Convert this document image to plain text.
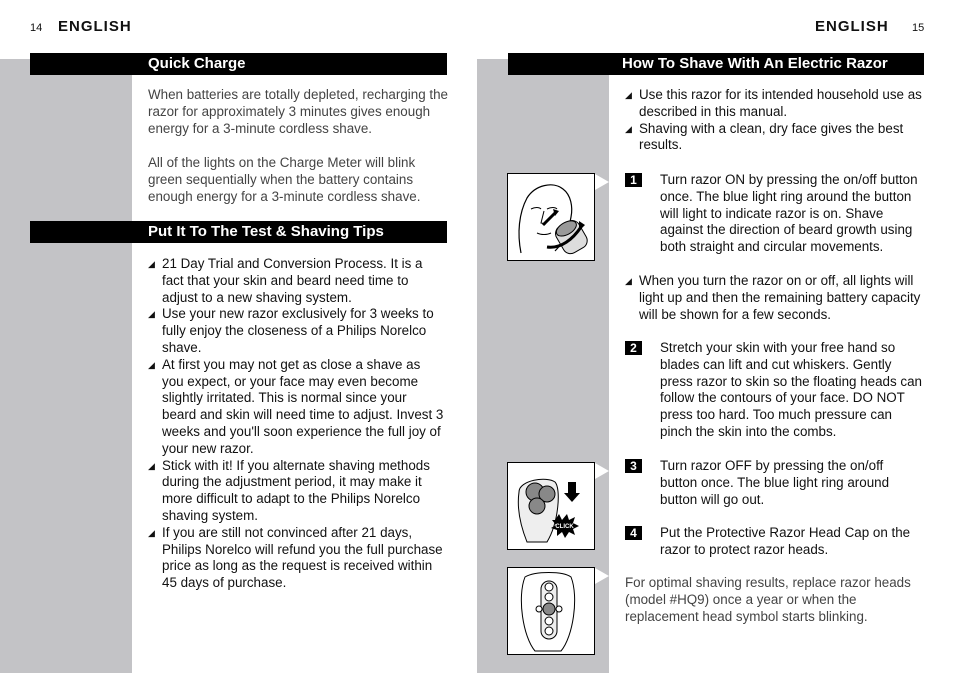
14 ENGLISH
Quick Charge
When batteries are totally depleted, recharging the razor for approximately 3 minutes gives enough energy for a 3-minute cordless shave.
All of the lights on the Charge Meter will blink green sequentially when the battery contains enough energy for a 3-minute cordless shave.
Put It To The Test & Shaving Tips
◢ 21 Day Trial and Conversion Process. It is a fact that your skin and beard need time to adjust to a new shaving system.
◢ Use your new razor exclusively for 3 weeks to fully enjoy the closeness of a Philips Norelco shave.
◢ At first you may not get as close a shave as you expect, or your face may even become slightly irritated. This is normal since your beard and skin will need time to adjust. Invest 3 weeks and you'll soon experience the full joy of your new razor.
◢ Stick with it! If you alternate shaving methods during the adjustment period, it may make it more difficult to adapt to the Philips Norelco shaving system.
◢ If you are still not convinced after 21 days, Philips Norelco will refund you the full purchase price as long as the request is received within 45 days of purchase.
ENGLISH 15
How To Shave With An Electric Razor
◢ Use this razor for its intended household use as described in this manual.
◢ Shaving with a clean, dry face gives the best results.
1	Turn razor ON by pressing the on/off button once. The blue light ring around the button will light to indicate razor is on. Shave against the direction of beard growth using both straight and circular movements.
◢ When you turn the razor on or off, all lights will light up and then the remaining battery capacity will be shown for a few seconds.
2	Stretch your skin with your free hand so blades can lift and cut whiskers. Gently press razor to skin so the floating heads can follow the contours of your face. DO NOT press too hard. Too much pressure can pinch the skin into the combs.
3	Turn razor OFF by pressing the on/off button once. The blue light ring around button will go out.
4	Put the Protective Razor Head Cap on the razor to protect razor heads.
For optimal shaving results, replace razor heads (model #HQ9) once a year or when the replacement head symbol starts blinking.
CLICK
